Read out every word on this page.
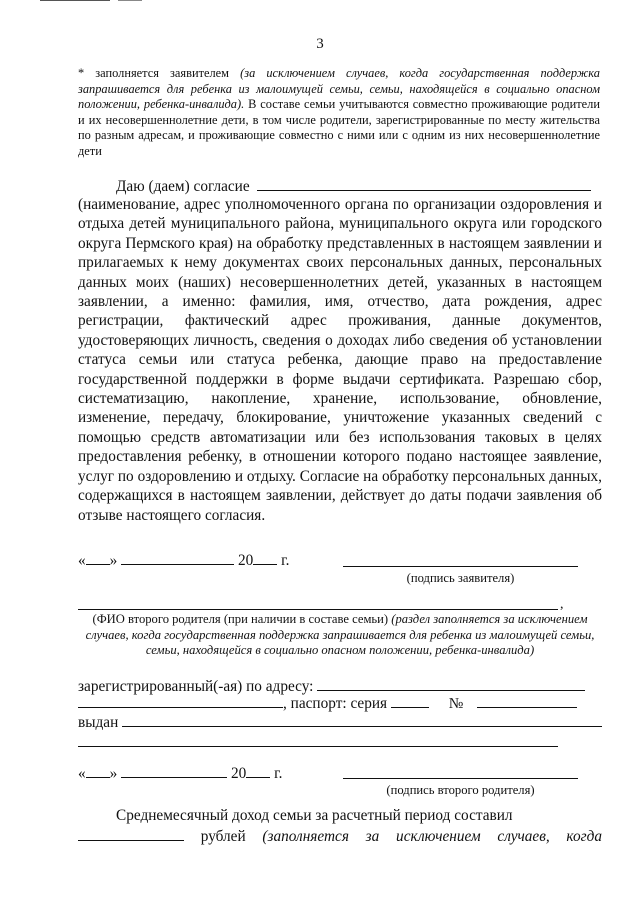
3
* заполняется заявителем (за исключением случаев, когда государственная поддержка запрашивается для ребенка из малоимущей семьи, семьи, находящейся в социально опасном положении, ребенка-инвалида). В составе семьи учитываются совместно проживающие родители и их несовершеннолетние дети, в том числе родители, зарегистрированные по месту жительства по разным адресам, и проживающие совместно с ними или с одним из них несовершеннолетние дети
Даю (даем) согласие
(наименование, адрес уполномоченного органа по организации оздоровления и отдыха детей муниципального района, муниципального округа или городского округа Пермского края) на обработку представленных в настоящем заявлении и прилагаемых к нему документах своих персональных данных, персональных данных моих (наших) несовершеннолетних детей, указанных в настоящем заявлении, а именно: фамилия, имя, отчество, дата рождения, адрес регистрации, фактический адрес проживания, данные документов, удостоверяющих личность, сведения о доходах либо сведения об установлении статуса семьи или статуса ребенка, дающие право на предоставление государственной поддержки в форме выдачи сертификата. Разрешаю сбор, систематизацию, накопление, хранение, использование, обновление, изменение, передачу, блокирование, уничтожение указанных сведений с помощью средств автоматизации или без использования таковых в целях предоставления ребенку, в отношении которого подано настоящее заявление, услуг по оздоровлению и отдыху. Согласие на обработку персональных данных, содержащихся в настоящем заявлении, действует до даты подачи заявления об отзыве настоящего согласия.
« »	20 г.
(подпись заявителя)
,
(ФИО второго родителя (при наличии в составе семьи) (раздел заполняется за исключением случаев, когда государственная поддержка запрашивается для ребенка из малоимущей семьи, семьи, находящейся в социально опасном положении, ребенка-инвалида)
зарегистрированный(-ая) по адресу:
, паспорт: серия	№
выдан
« »	20 г.
(подпись второго родителя)
Среднемесячный доход семьи за расчетный период составил
рублей (заполняется за исключением случаев, когда
